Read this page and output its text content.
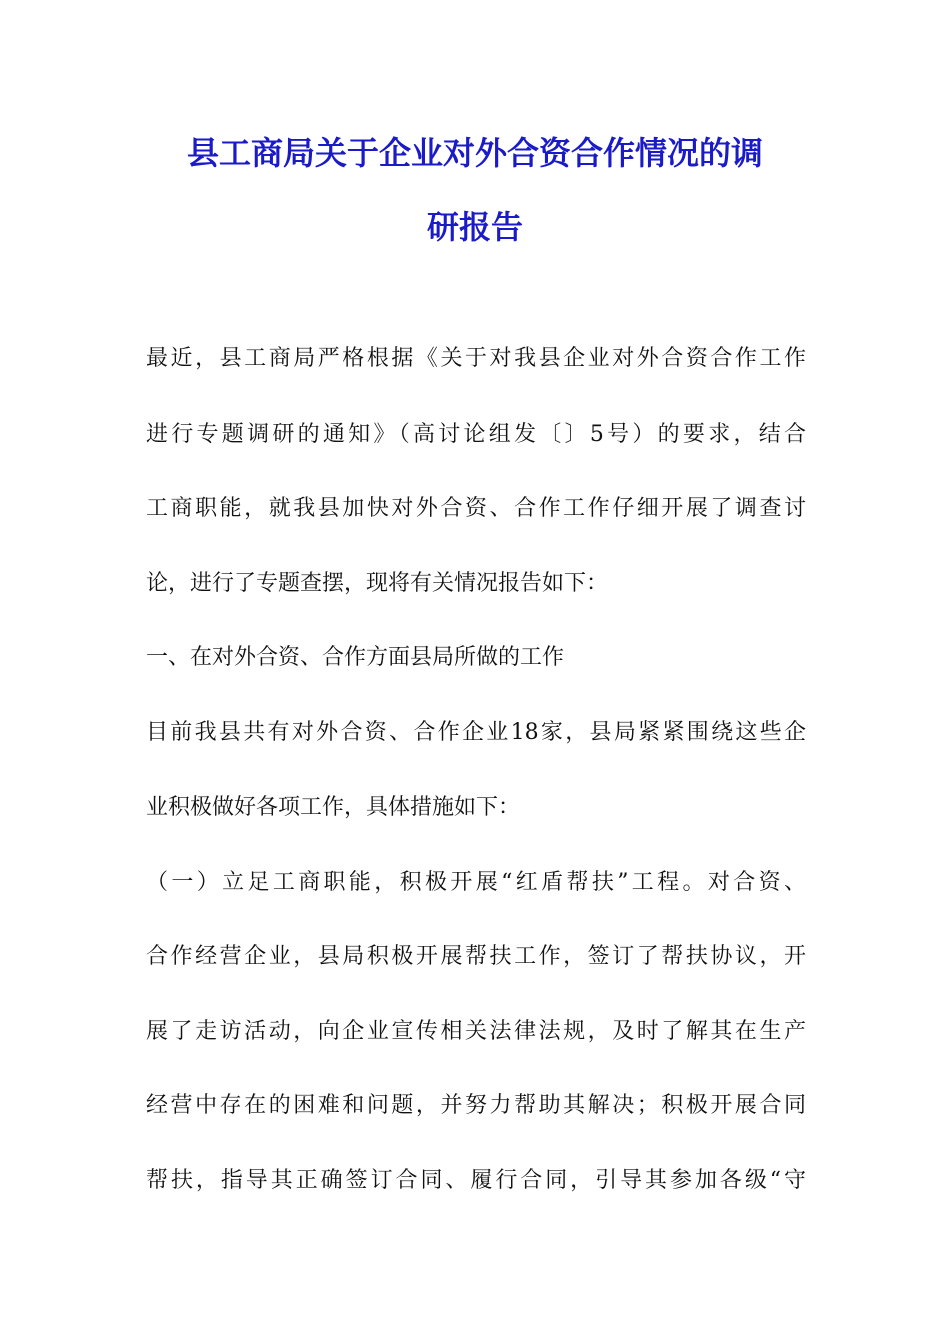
县工商局关于企业对外合资合作情况的调
研报告

最近，县工商局严格根据《关于对我县企业对外合资合作工作

进行专题调研的通知》（高讨论组发〔〕5号）的要求，结合

工商职能，就我县加快对外合资、合作工作仔细开展了调查讨

论，进行了专题查摆，现将有关情况报告如下：

一、在对外合资、合作方面县局所做的工作

目前我县共有对外合资、合作企业18家，县局紧紧围绕这些企

业积极做好各项工作，具体措施如下：

（一）立足工商职能，积极开展“红盾帮扶”工程。对合资、

合作经营企业，县局积极开展帮扶工作，签订了帮扶协议，开

展了走访活动，向企业宣传相关法律法规，及时了解其在生产

经营中存在的困难和问题，并努力帮助其解决；积极开展合同

帮扶，指导其正确签订合同、履行合同，引导其参加各级“守
